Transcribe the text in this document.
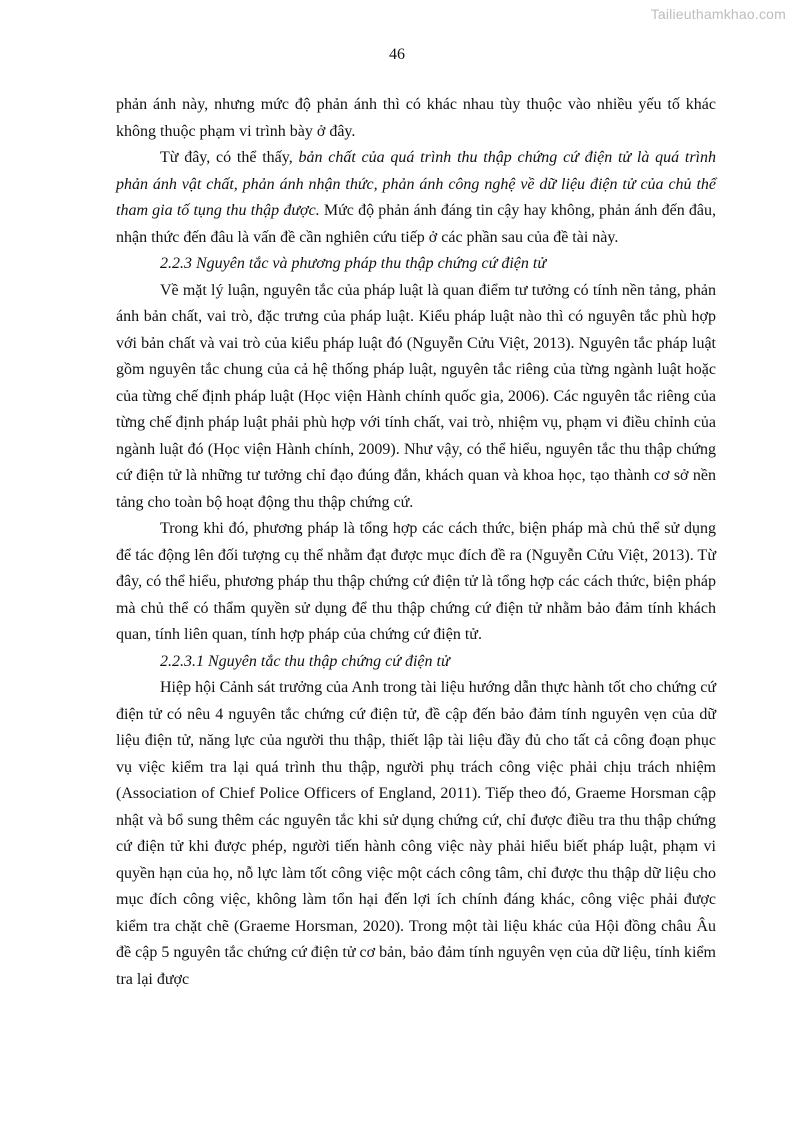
Tailieuthamkhao.com
46

phản ánh này, nhưng mức độ phản ánh thì có khác nhau tùy thuộc vào nhiều yếu tố khác không thuộc phạm vi trình bày ở đây.

Từ đây, có thể thấy, bản chất của quá trình thu thập chứng cứ điện tử là quá trình phản ánh vật chất, phản ánh nhận thức, phản ánh công nghệ về dữ liệu điện tử của chủ thể tham gia tố tụng thu thập được. Mức độ phản ánh đáng tin cậy hay không, phản ánh đến đâu, nhận thức đến đâu là vấn đề cần nghiên cứu tiếp ở các phần sau của đề tài này.

2.2.3 Nguyên tắc và phương pháp thu thập chứng cứ điện tử

Về mặt lý luận, nguyên tắc của pháp luật là quan điểm tư tưởng có tính nền tảng, phản ánh bản chất, vai trò, đặc trưng của pháp luật. Kiểu pháp luật nào thì có nguyên tắc phù hợp với bản chất và vai trò của kiểu pháp luật đó (Nguyễn Cửu Việt, 2013). Nguyên tắc pháp luật gồm nguyên tắc chung của cả hệ thống pháp luật, nguyên tắc riêng của từng ngành luật hoặc của từng chế định pháp luật (Học viện Hành chính quốc gia, 2006). Các nguyên tắc riêng của từng chế định pháp luật phải phù hợp với tính chất, vai trò, nhiệm vụ, phạm vi điều chỉnh của ngành luật đó (Học viện Hành chính, 2009). Như vậy, có thể hiểu, nguyên tắc thu thập chứng cứ điện tử là những tư tưởng chỉ đạo đúng đắn, khách quan và khoa học, tạo thành cơ sở nền tảng cho toàn bộ hoạt động thu thập chứng cứ.

Trong khi đó, phương pháp là tổng hợp các cách thức, biện pháp mà chủ thể sử dụng để tác động lên đối tượng cụ thể nhằm đạt được mục đích đề ra (Nguyễn Cửu Việt, 2013). Từ đây, có thể hiểu, phương pháp thu thập chứng cứ điện tử là tổng hợp các cách thức, biện pháp mà chủ thể có thẩm quyền sử dụng để thu thập chứng cứ điện tử nhằm bảo đảm tính khách quan, tính liên quan, tính hợp pháp của chứng cứ điện tử.

2.2.3.1 Nguyên tắc thu thập chứng cứ điện tử

Hiệp hội Cảnh sát trưởng của Anh trong tài liệu hướng dẫn thực hành tốt cho chứng cứ điện tử có nêu 4 nguyên tắc chứng cứ điện tử, đề cập đến bảo đảm tính nguyên vẹn của dữ liệu điện tử, năng lực của người thu thập, thiết lập tài liệu đầy đủ cho tất cả công đoạn phục vụ việc kiểm tra lại quá trình thu thập, người phụ trách công việc phải chịu trách nhiệm (Association of Chief Police Officers of England, 2011). Tiếp theo đó, Graeme Horsman cập nhật và bổ sung thêm các nguyên tắc khi sử dụng chứng cứ, chỉ được điều tra thu thập chứng cứ điện tử khi được phép, người tiến hành công việc này phải hiểu biết pháp luật, phạm vi quyền hạn của họ, nỗ lực làm tốt công việc một cách công tâm, chỉ được thu thập dữ liệu cho mục đích công việc, không làm tổn hại đến lợi ích chính đáng khác, công việc phải được kiểm tra chặt chẽ (Graeme Horsman, 2020). Trong một tài liệu khác của Hội đồng châu Âu đề cập 5 nguyên tắc chứng cứ điện tử cơ bản, bảo đảm tính nguyên vẹn của dữ liệu, tính kiểm tra lại được
